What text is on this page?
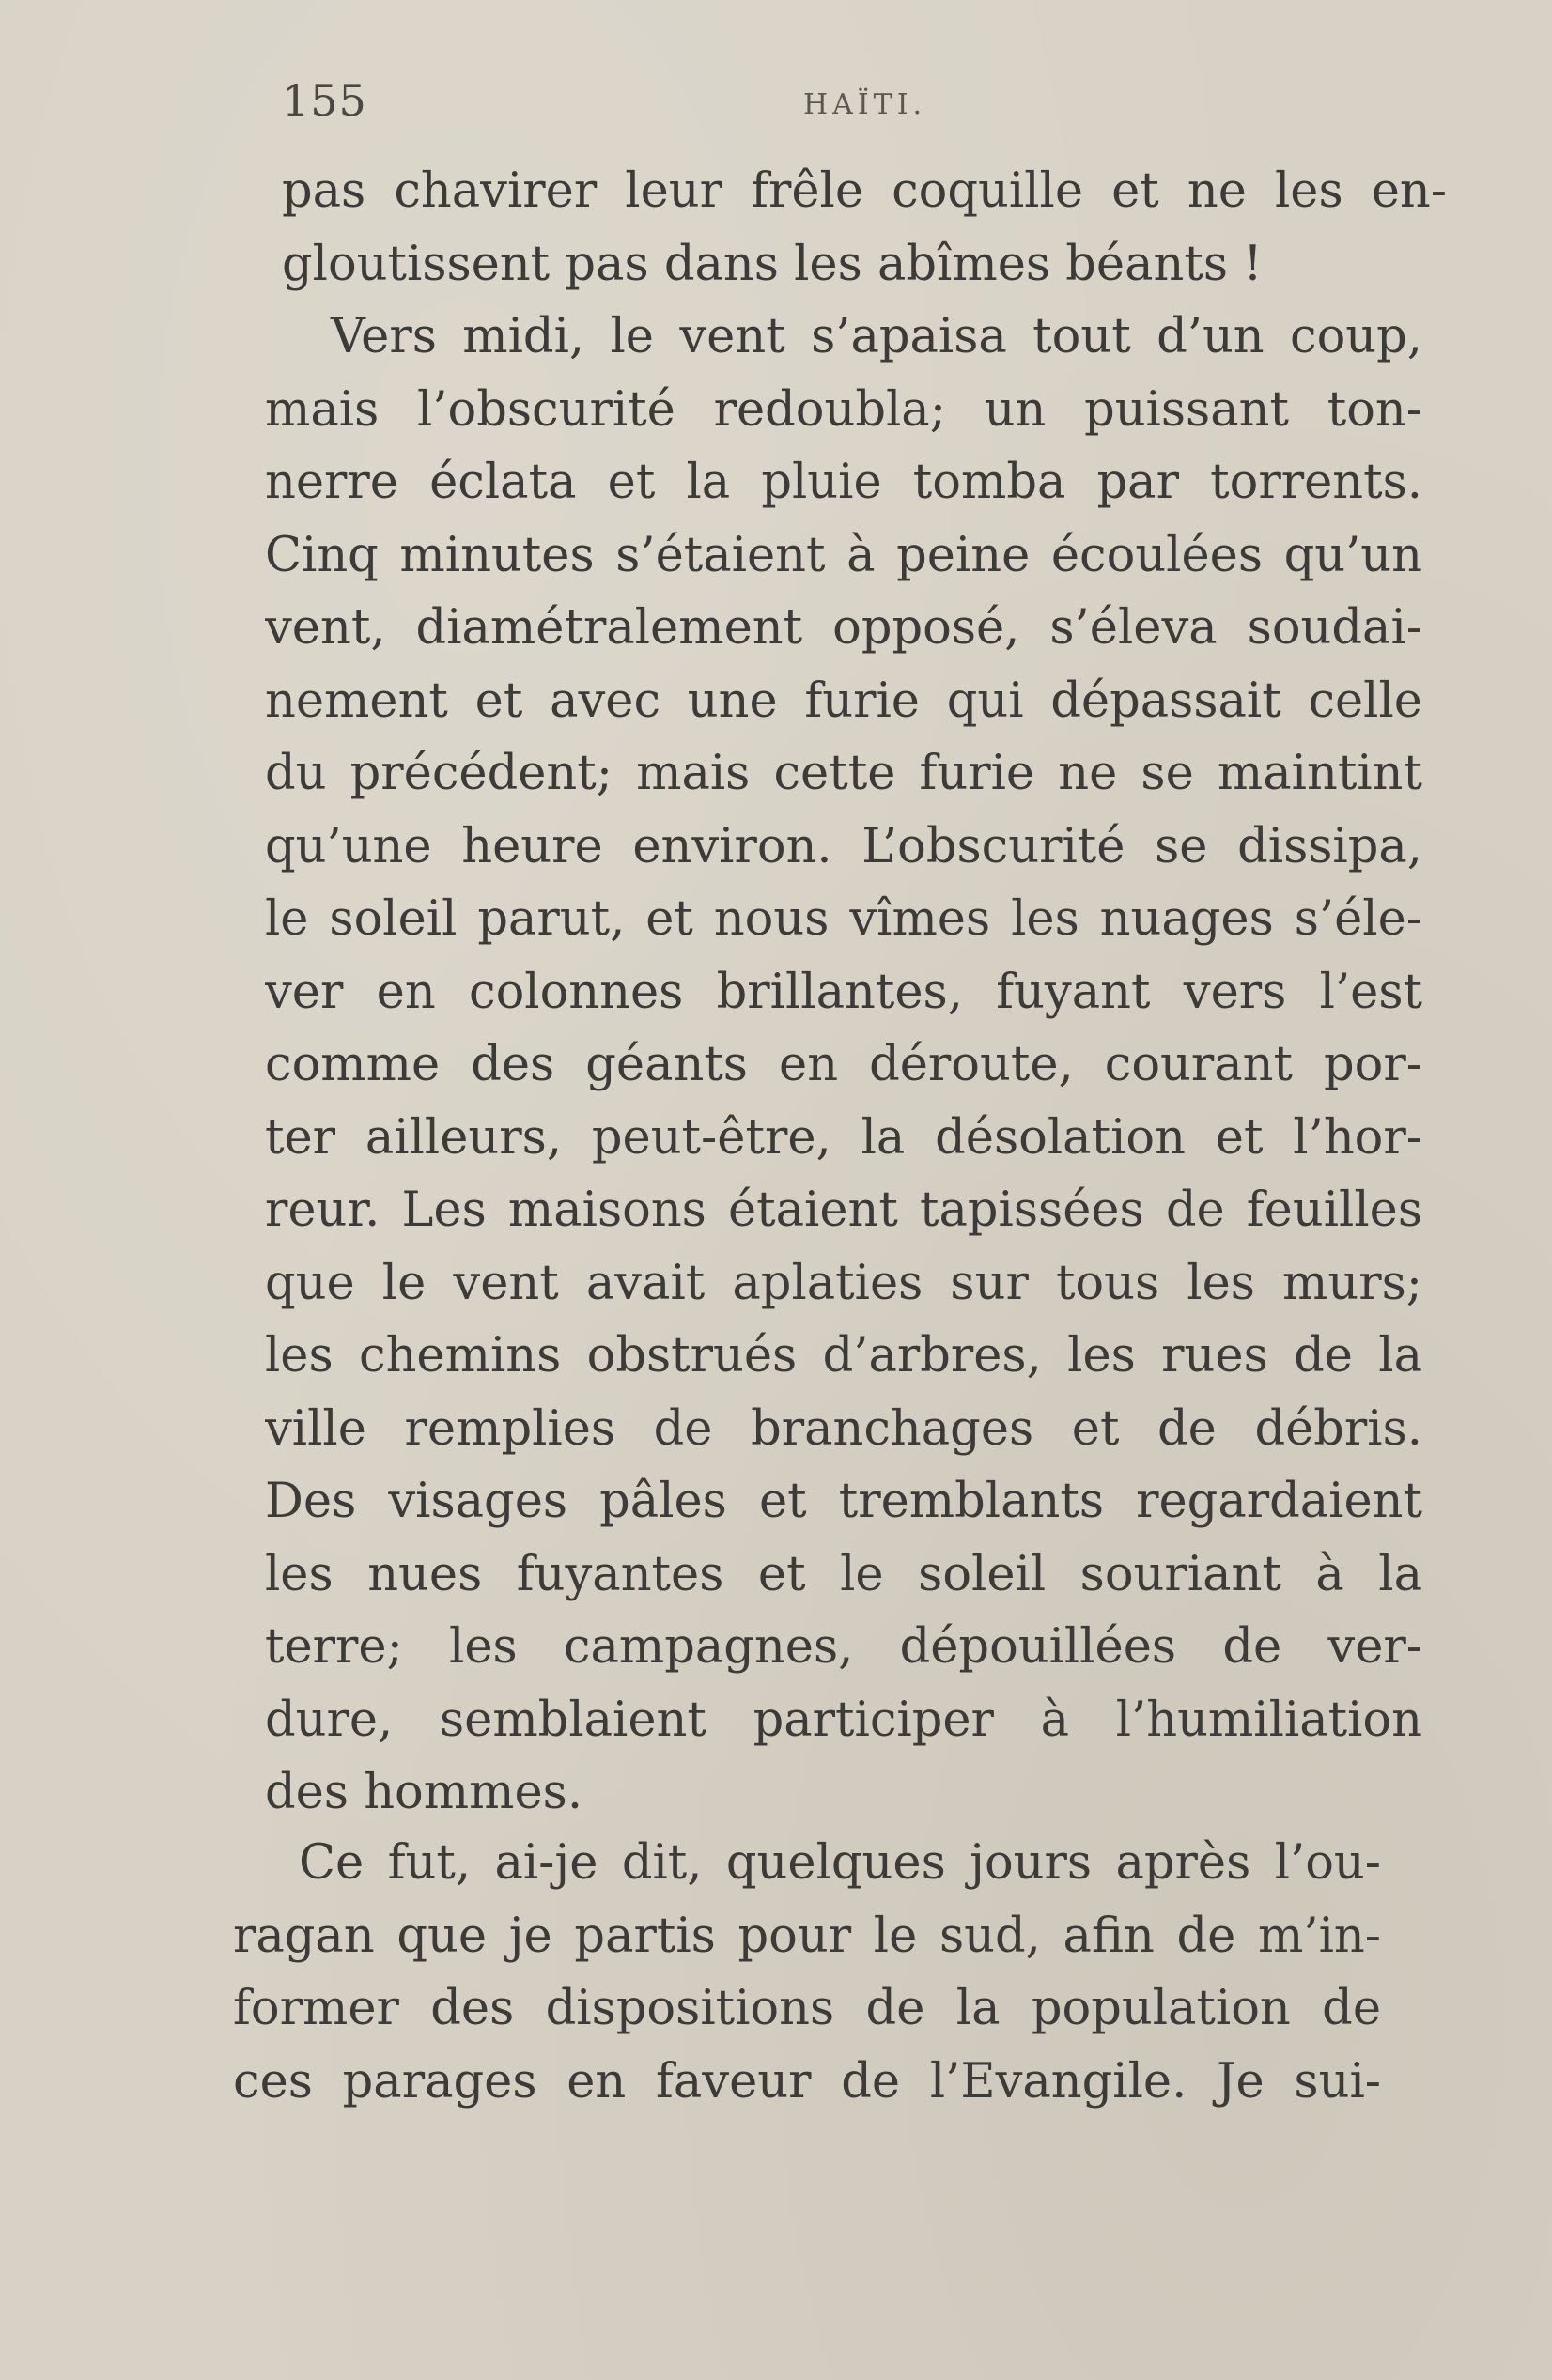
155	HAÏTI.
pas chavirer leur frêle coquille et ne les en-
gloutissent pas dans les abîmes béants !
Vers midi, le vent s’apaisa tout d’un coup,
mais l’obscurité redoubla; un puissant ton-
nerre éclata et la pluie tomba par torrents.
Cinq minutes s’étaient à peine écoulées qu’un
vent, diamétralement opposé, s’éleva soudai-
nement et avec une furie qui dépassait celle
du précédent; mais cette furie ne se maintint
qu’une heure environ. L’obscurité se dissipa,
le soleil parut, et nous vîmes les nuages s’éle-
ver en colonnes brillantes, fuyant vers l’est
comme des géants en déroute, courant por-
ter ailleurs, peut-être, la désolation et l’hor-
reur. Les maisons étaient tapissées de feuilles
que le vent avait aplaties sur tous les murs;
les chemins obstrués d’arbres, les rues de la
ville remplies de branchages et de débris.
Des visages pâles et tremblants regardaient
les nues fuyantes et le soleil souriant à la
terre; les campagnes, dépouillées de ver-
dure, semblaient participer à l’humiliation
des hommes.
Ce fut, ai-je dit, quelques jours après l’ou-
ragan que je partis pour le sud, afin de m’in-
former des dispositions de la population de
ces parages en faveur de l’Evangile. Je sui-
